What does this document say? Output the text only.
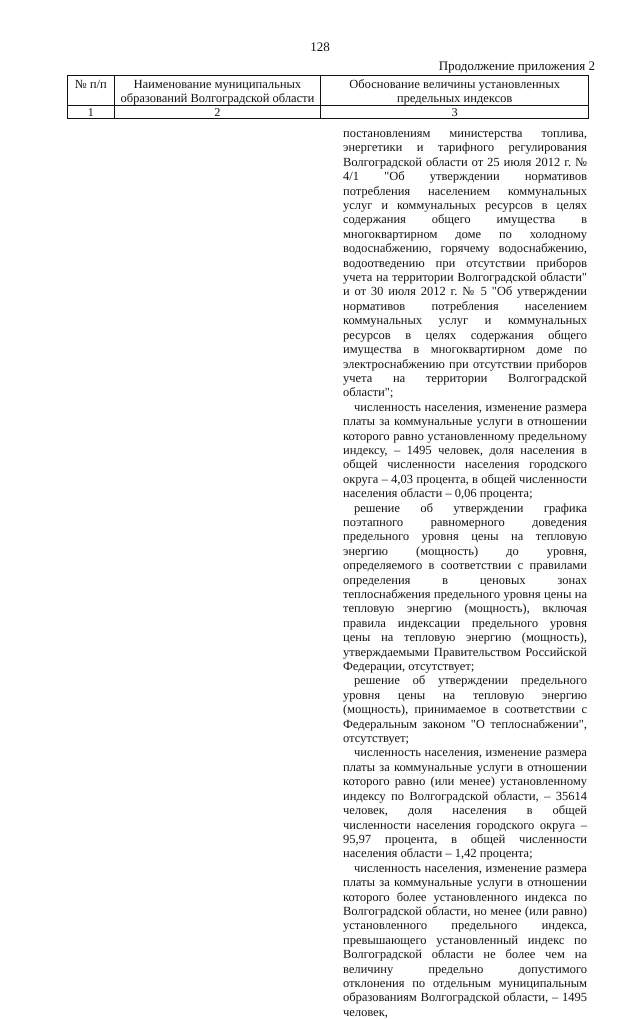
128
Продолжение приложения 2
№ п/п	Наименование муниципальных образований Волгоградской области	Обоснование величины установленных предельных индексов
1	2	3

постановлениям министерства топлива, энергетики и тарифного регулирования Волгоградской области от 25 июля 2012 г. № 4/1 "Об утверждении нормативов потребления населением коммунальных услуг и коммунальных ресурсов в целях содержания общего имущества в многоквартирном доме по холодному водоснабжению, горячему водоснабжению, водоотведению при отсутствии приборов учета на территории Волгоградской области" и от 30 июля 2012 г. № 5 "Об утверждении нормативов потребления населением коммунальных услуг и коммунальных ресурсов в целях содержания общего имущества в многоквартирном доме по электроснабжению при отсутствии приборов учета на территории Волгоградской области";

численность населения, изменение размера платы за коммунальные услуги в отношении которого равно установленному предельному индексу, – 1495 человек, доля населения в общей численности населения городского округа – 4,03 процента, в общей численности населения области – 0,06 процента;

решение об утверждении графика поэтапного равномерного доведения предельного уровня цены на тепловую энергию (мощность) до уровня, определяемого в соответствии с правилами определения в ценовых зонах теплоснабжения предельного уровня цены на тепловую энергию (мощность), включая правила индексации предельного уровня цены на тепловую энергию (мощность), утверждаемыми Правительством Российской Федерации, отсутствует;

решение об утверждении предельного уровня цены на тепловую энергию (мощность), принимаемое в соответствии с Федеральным законом "О теплоснабжении", отсутствует;

численность населения, изменение размера платы за коммунальные услуги в отношении которого равно (или менее) установленному индексу по Волгоградской области, – 35614 человек, доля населения в общей численности населения городского округа – 95,97 процента, в общей численности населения области – 1,42 процента;

численность населения, изменение размера платы за коммунальные услуги в отношении которого более установленного индекса по Волгоградской области, но менее (или равно) установленного предельного индекса, превышающего установленный индекс по Волгоградской области не более чем на величину предельно допустимого отклонения по отдельным муниципальным образованиям Волгоградской области, – 1495 человек,
